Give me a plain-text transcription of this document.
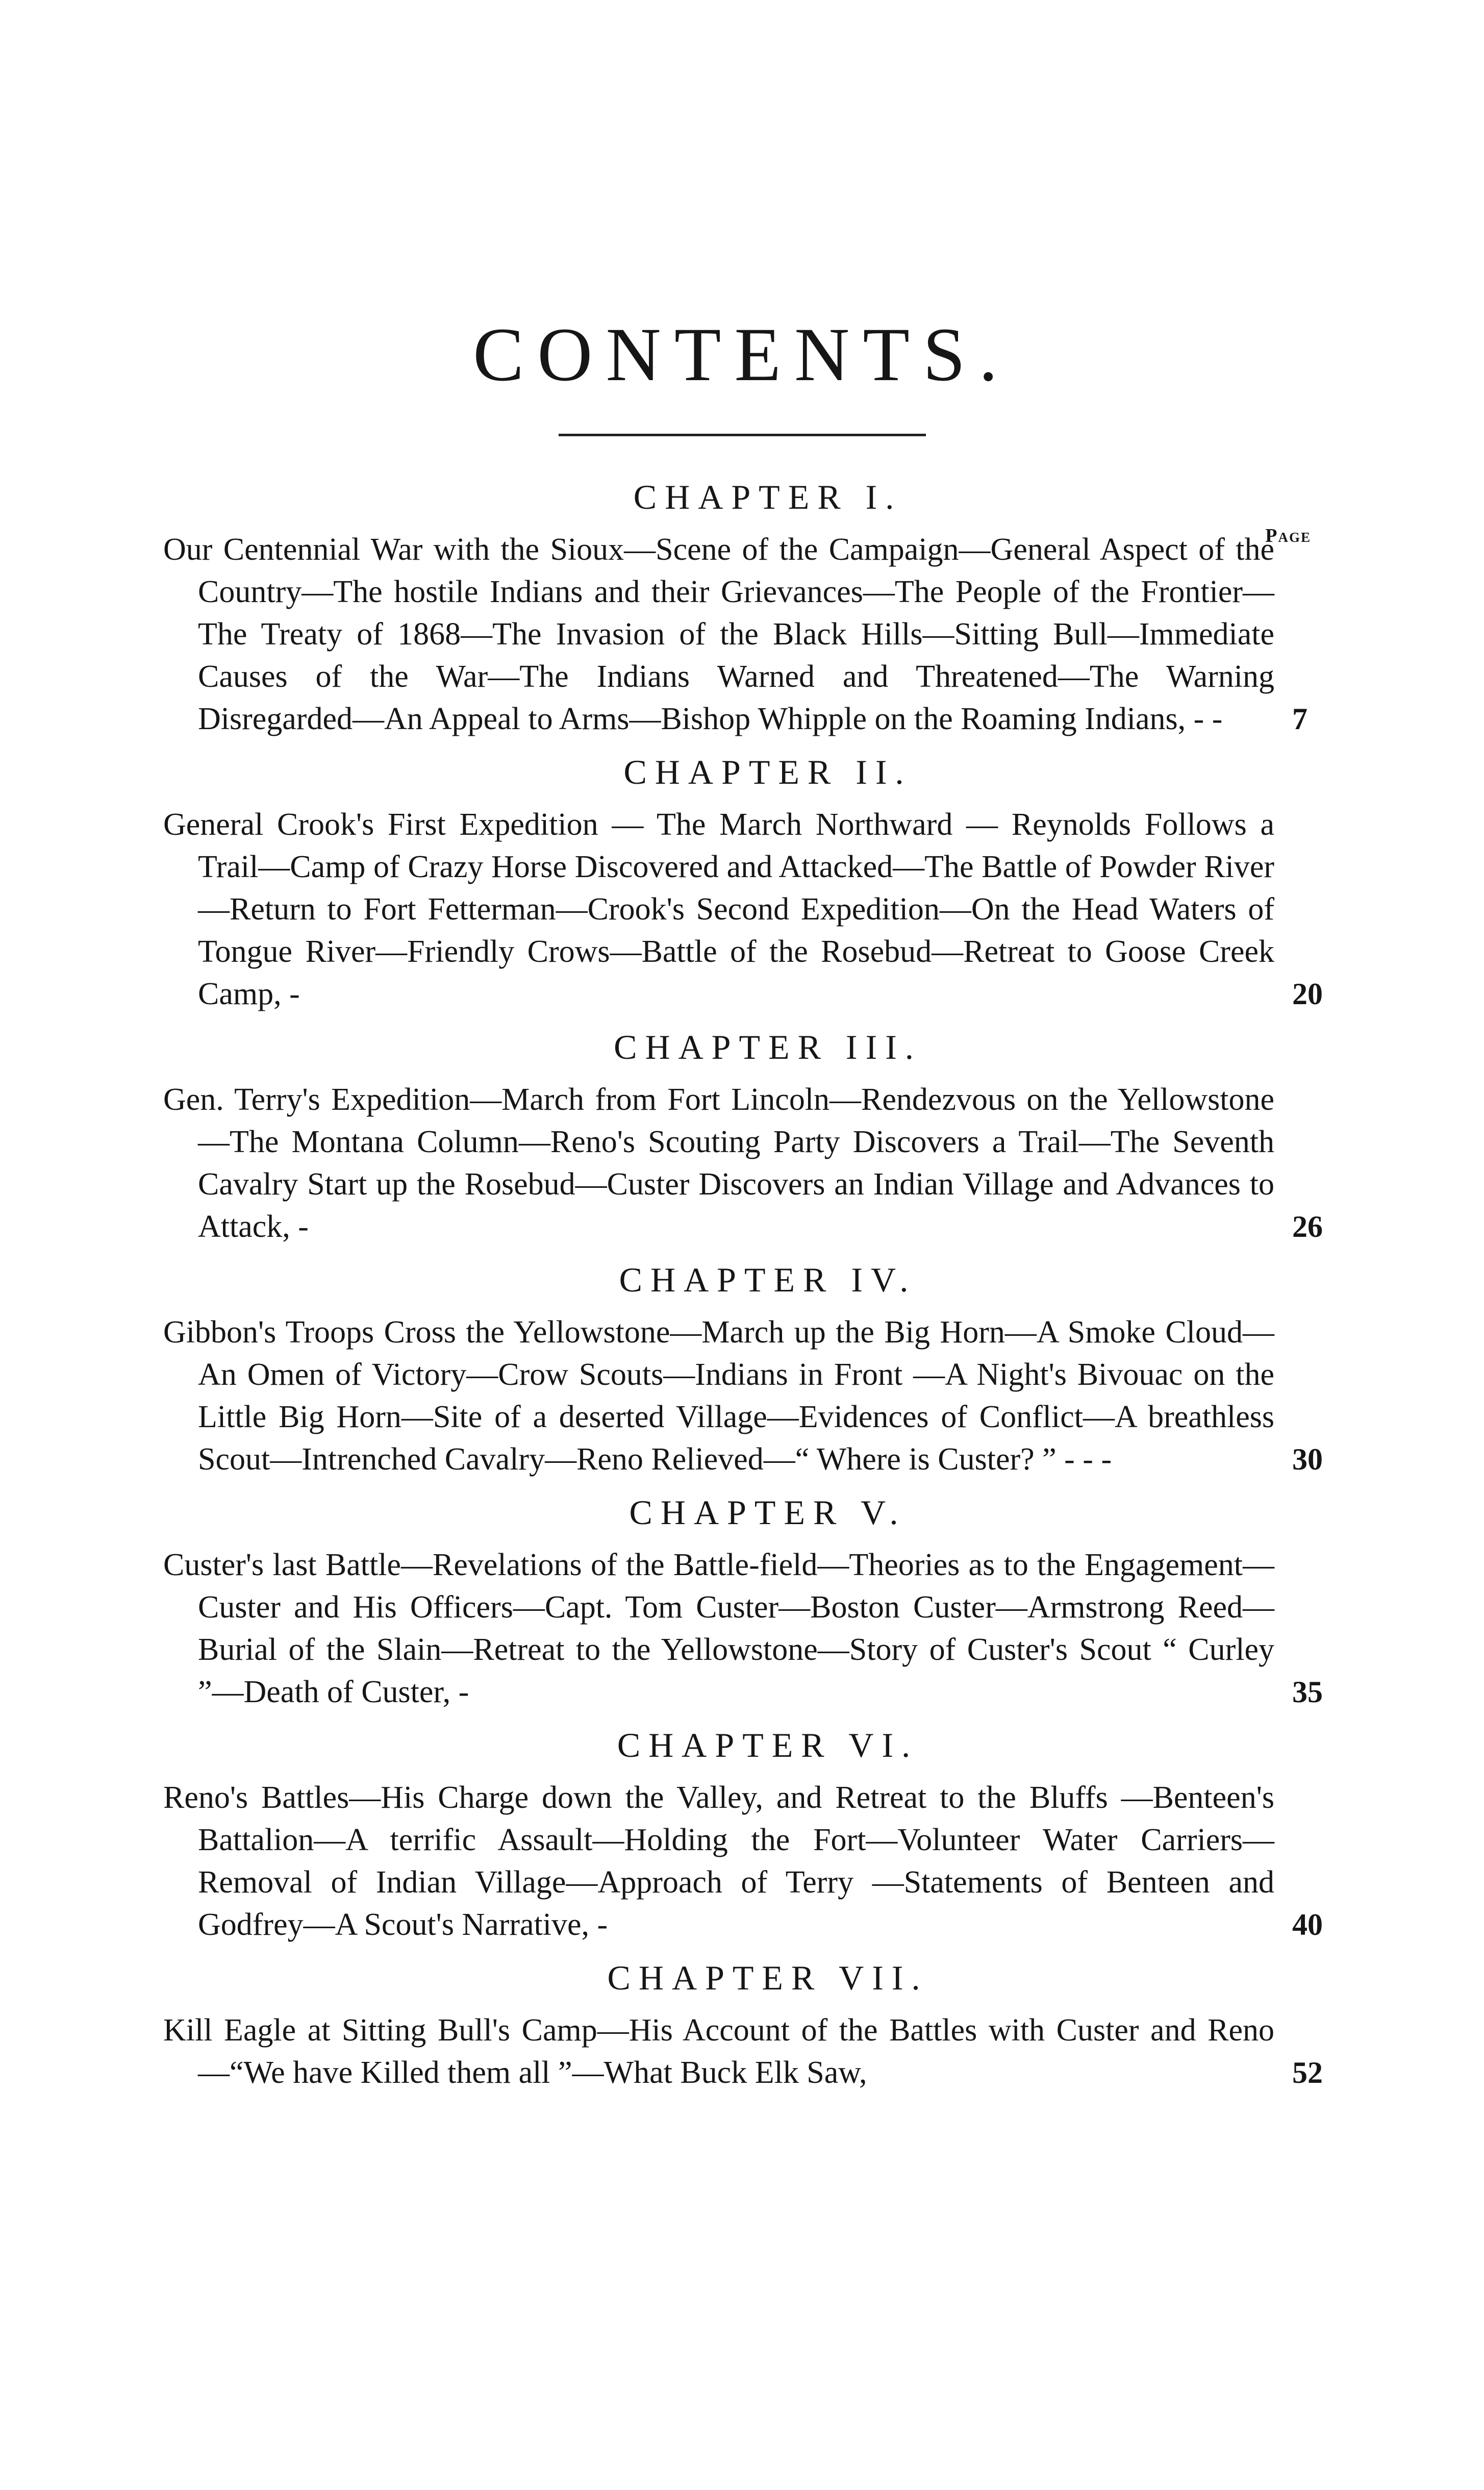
CONTENTS.
CHAPTER I.
Page
Our Centennial War with the Sioux—Scene of the Campaign—General Aspect of the Country—The hostile Indians and their Grievances—The People of the Frontier—The Treaty of 1868—The Invasion of the Black Hills—Sitting Bull—Immediate Causes of the War—The Indians Warned and Threatened—The Warning Disregarded—An Appeal to Arms—Bishop Whipple on the Roaming Indians, - - 7
CHAPTER II.
General Crook's First Expedition — The March Northward — Reynolds Follows a Trail—Camp of Crazy Horse Discovered and Attacked—The Battle of Powder River—Return to Fort Fetterman—Crook's Second Expedition—On the Head Waters of Tongue River—Friendly Crows—Battle of the Rosebud—Retreat to Goose Creek Camp, -	20
CHAPTER III.
Gen. Terry's Expedition—March from Fort Lincoln—Rendezvous on the Yellowstone—The Montana Column—Reno's Scouting Party Discovers a Trail—The Seventh Cavalry Start up the Rosebud—Custer Discovers an Indian Village and Advances to Attack, -	26
CHAPTER IV.
Gibbon's Troops Cross the Yellowstone—March up the Big Horn—A Smoke Cloud—An Omen of Victory—Crow Scouts—Indians in Front —A Night's Bivouac on the Little Big Horn—Site of a deserted Village—Evidences of Conflict—A breathless Scout—Intrenched Cavalry—Reno Relieved—“ Where is Custer? ” - - -	30
CHAPTER V.
Custer's last Battle—Revelations of the Battle-field—Theories as to the Engagement—Custer and His Officers—Capt. Tom Custer—Boston Custer—Armstrong Reed—Burial of the Slain—Retreat to the Yellowstone—Story of Custer's Scout “ Curley ”—Death of Custer, -	35
CHAPTER VI.
Reno's Battles—His Charge down the Valley, and Retreat to the Bluffs —Benteen's Battalion—A terrific Assault—Holding the Fort—Volunteer Water Carriers—Removal of Indian Village—Approach of Terry —Statements of Benteen and Godfrey—A Scout's Narrative, -	40
CHAPTER VII.
Kill Eagle at Sitting Bull's Camp—His Account of the Battles with Custer and Reno—“We have Killed them all ”—What Buck Elk Saw,	52
